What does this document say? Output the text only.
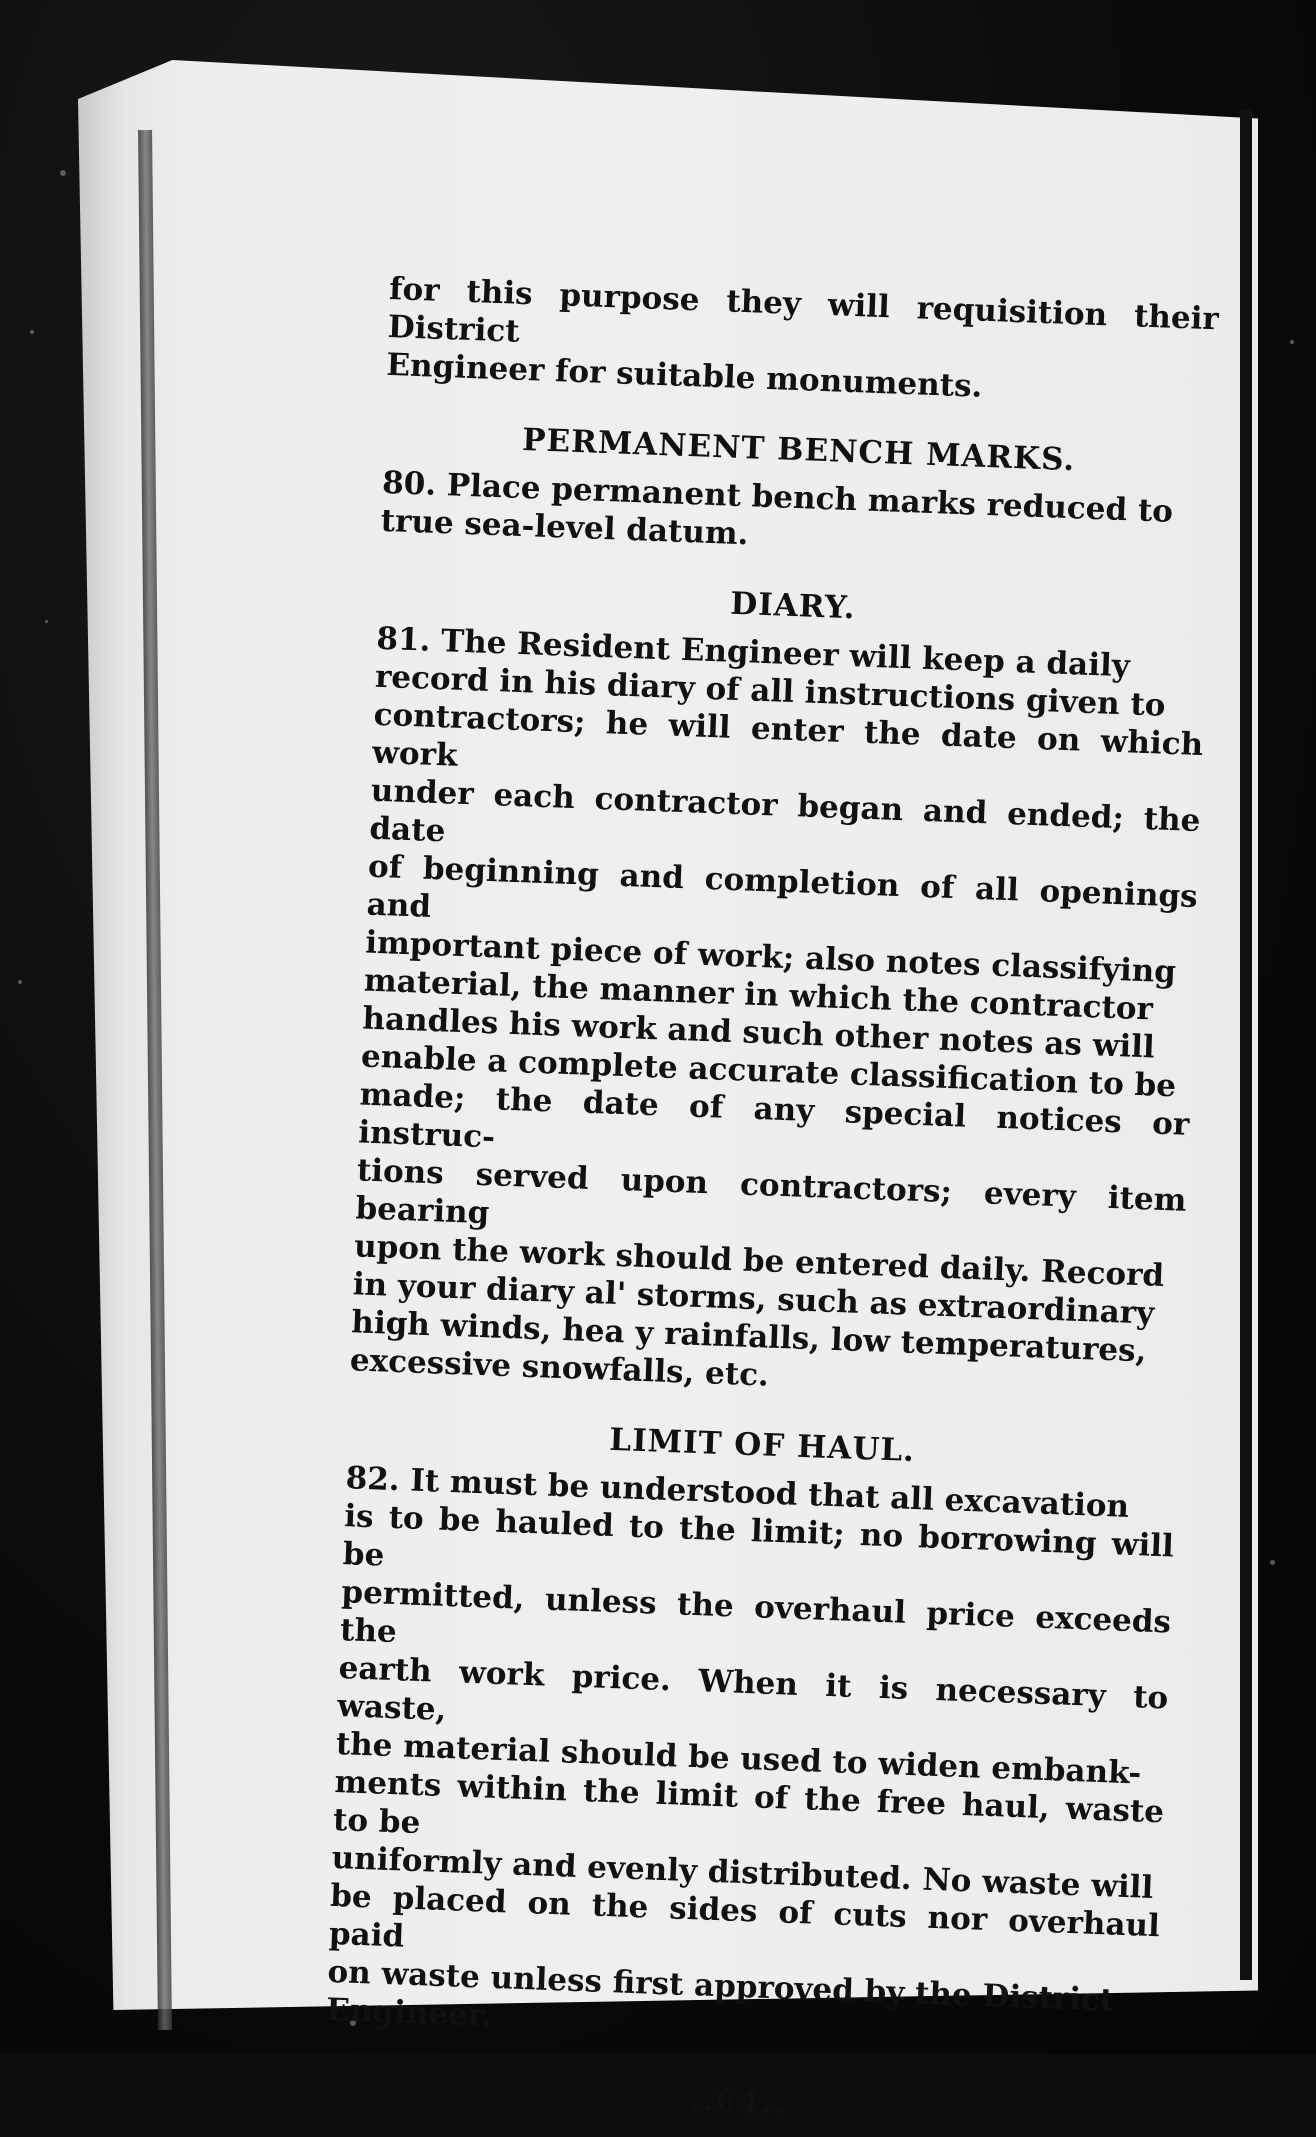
for this purpose they will requisition their District
Engineer for suitable monuments.

PERMANENT BENCH MARKS.

80. Place permanent bench marks reduced to
true sea-level datum.

DIARY.

81. The Resident Engineer will keep a daily
record in his diary of all instructions given to
contractors; he will enter the date on which work
under each contractor began and ended; the date
of beginning and completion of all openings and
important piece of work; also notes classifying
material, the manner in which the contractor
handles his work and such other notes as will
enable a complete accurate classification to be
made; the date of any special notices or instruc-
tions served upon contractors; every item bearing
upon the work should be entered daily. Record
in your diary al' storms, such as extraordinary
high winds, hea y rainfalls, low temperatures,
excessive snowfalls, etc.

LIMIT OF HAUL.

82. It must be understood that all excavation
is to be hauled to the limit; no borrowing will be
permitted, unless the overhaul price exceeds the
earth work price. When it is necessary to waste,
the material should be used to widen embank-
ments within the limit of the free haul, waste to be
uniformly and evenly distributed. No waste will
be placed on the sides of cuts nor overhaul paid
on waste unless first approved by the District
Engineer.

..64..
